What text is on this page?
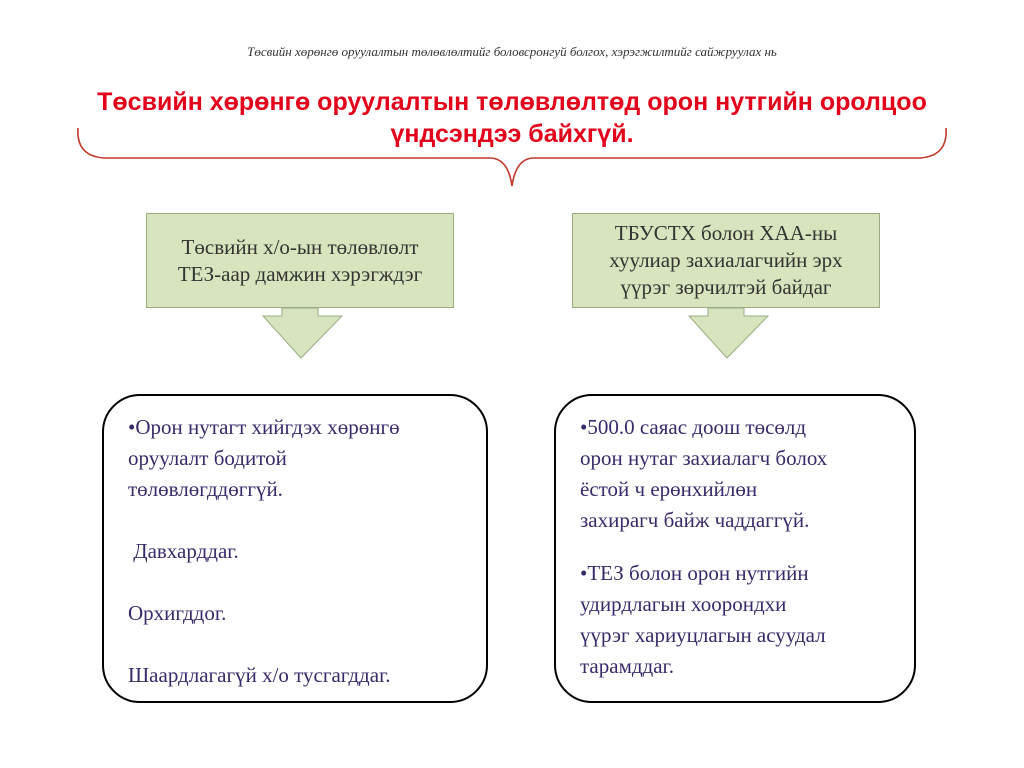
Төсвийн хөрөнгө оруулалтын төлөвлөлтийг боловсронгуй болгох, хэрэгжилтийг сайжруулах нь
Төсвийн хөрөнгө оруулалтын төлөвлөлтөд орон нутгийн оролцоо
үндсэндээ байхгүй.
Төсвийн х/о-ын төлөвлөлт
ТЕЗ-аар дамжин хэрэгждэг
ТБУСТХ болон ХАА-ны
хуулиар захиалагчийн эрх
үүрэг зөрчилтэй байдаг

•Орон нутагт хийгдэх хөрөнгө
оруулалт бодитой
төлөвлөгддөггүй.

Давхарддаг.

Орхигддог.

Шаардлагагүй х/о тусгагддаг.

•500.0 саяас доош төсөлд
орон нутаг захиалагч болох
ёстой ч ерөнхийлөн
захирагч байж чаддаггүй.

•ТЕЗ болон орон нутгийн
удирдлагын хоорондхи
үүрэг хариуцлагын асуудал
тарамддаг.
